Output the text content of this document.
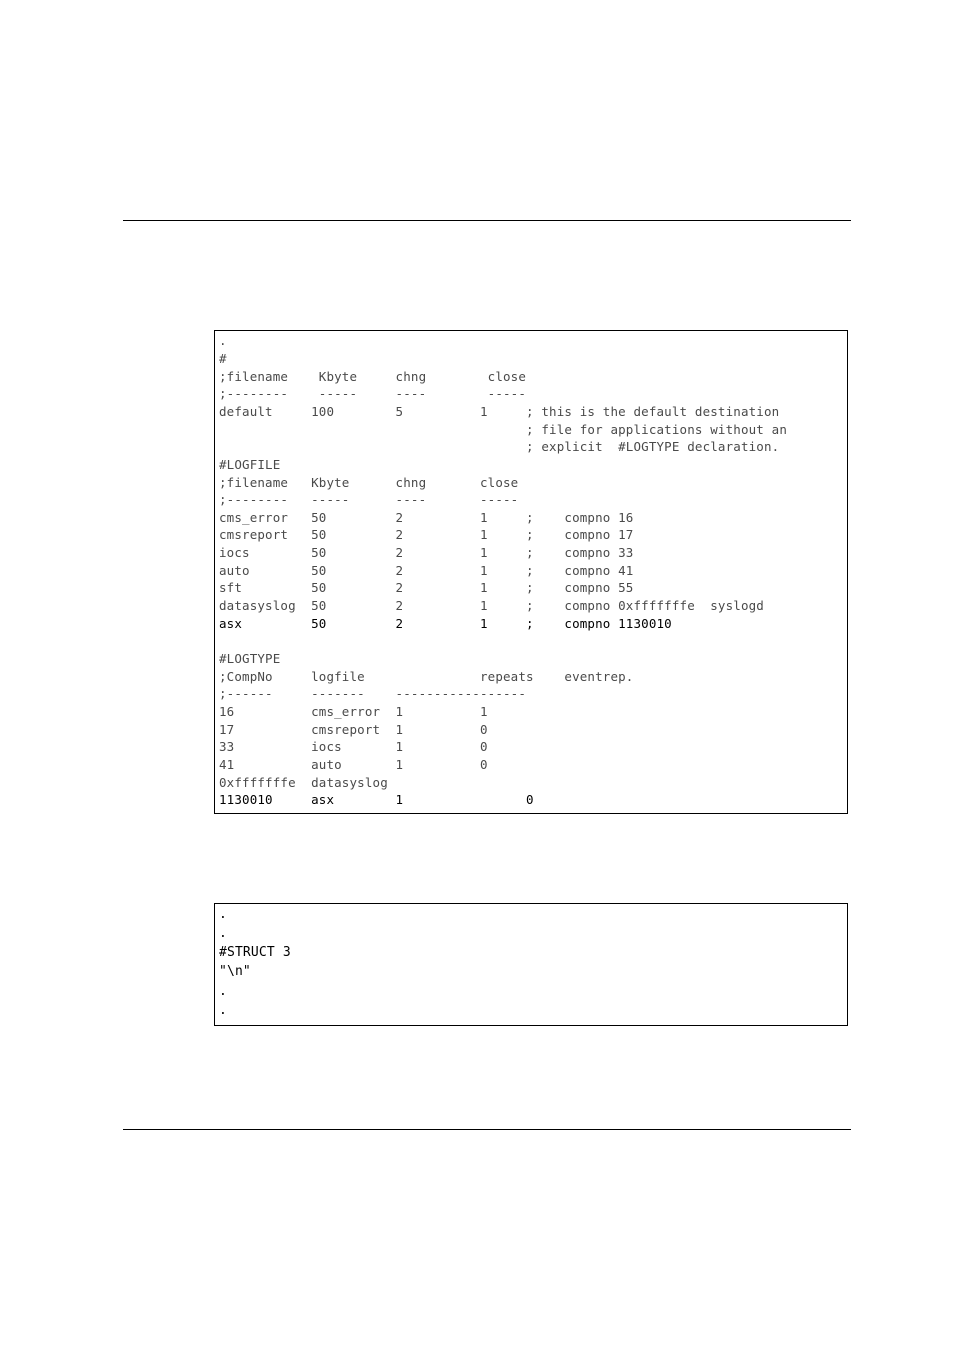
.
#
;filename    Kbyte     chng        close
;--------    -----     ----        -----
default     100        5          1     ; this is the default destination
; file for applications without an
; explicit  #LOGTYPE declaration.
#LOGFILE
;filename   Kbyte      chng       close
;--------   -----      ----       -----
cms_error   50         2          1     ;    compno 16
cmsreport   50         2          1     ;    compno 17
iocs        50         2          1     ;    compno 33
auto        50         2          1     ;    compno 41
sft         50         2          1     ;    compno 55
datasyslog  50         2          1     ;    compno 0xfffffffe  syslogd
asx         50         2          1     ;    compno 1130010
#LOGTYPE
;CompNo     logfile               repeats    eventrep.
;------     -------    -----------------
16          cms_error  1          1
17          cmsreport  1          0
33          iocs       1          0
41          auto       1          0
0xfffffffe  datasyslog
1130010     asx        1                0
.
.
#STRUCT 3
"\n"
.
.
